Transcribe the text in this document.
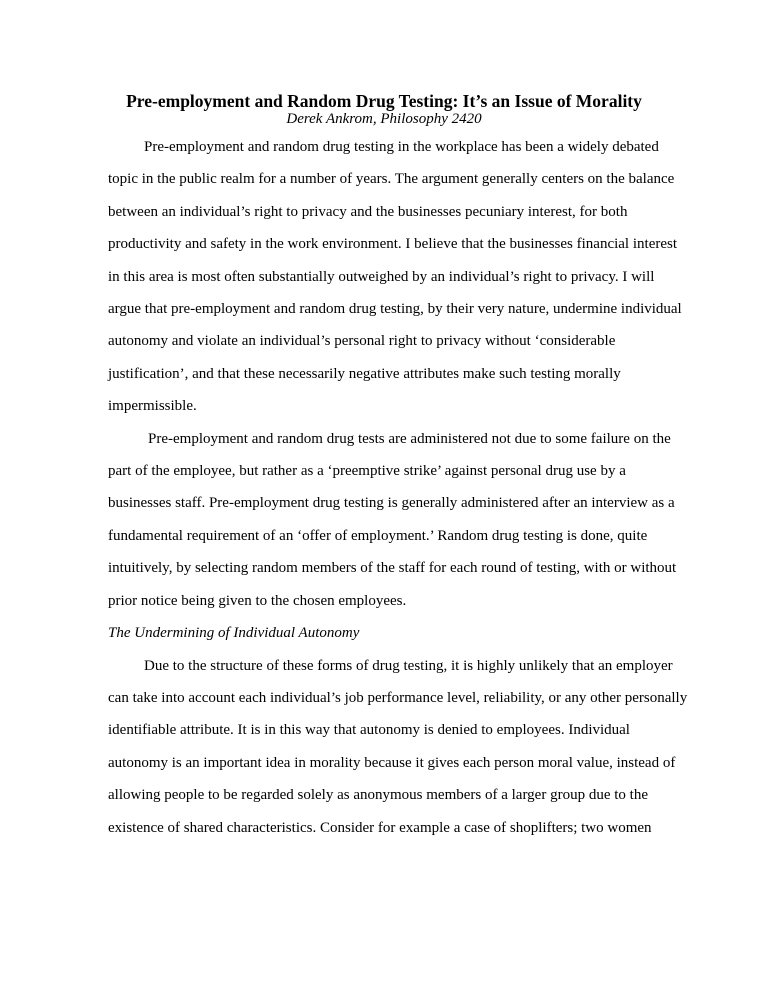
Pre-employment and Random Drug Testing: It’s an Issue of Morality
Derek Ankrom, Philosophy 2420
Pre-employment and random drug testing in the workplace has been a widely debated
topic in the public realm for a number of years. The argument generally centers on the balance
between an individual’s right to privacy and the businesses pecuniary interest, for both
productivity and safety in the work environment. I believe that the businesses financial interest
in this area is most often substantially outweighed by an individual’s right to privacy. I will
argue that pre-employment and random drug testing, by their very nature, undermine individual
autonomy and violate an individual’s personal right to privacy without ‘considerable
justification’, and that these necessarily negative attributes make such testing morally
impermissible.
Pre-employment and random drug tests are administered not due to some failure on the
part of the employee, but rather as a ‘preemptive strike’ against personal drug use by a
businesses staff. Pre-employment drug testing is generally administered after an interview as a
fundamental requirement of an ‘offer of employment.’ Random drug testing is done, quite
intuitively, by selecting random members of the staff for each round of testing, with or without
prior notice being given to the chosen employees.
The Undermining of Individual Autonomy
Due to the structure of these forms of drug testing, it is highly unlikely that an employer
can take into account each individual’s job performance level, reliability, or any other personally
identifiable attribute. It is in this way that autonomy is denied to employees. Individual
autonomy is an important idea in morality because it gives each person moral value, instead of
allowing people to be regarded solely as anonymous members of a larger group due to the
existence of shared characteristics. Consider for example a case of shoplifters; two women
